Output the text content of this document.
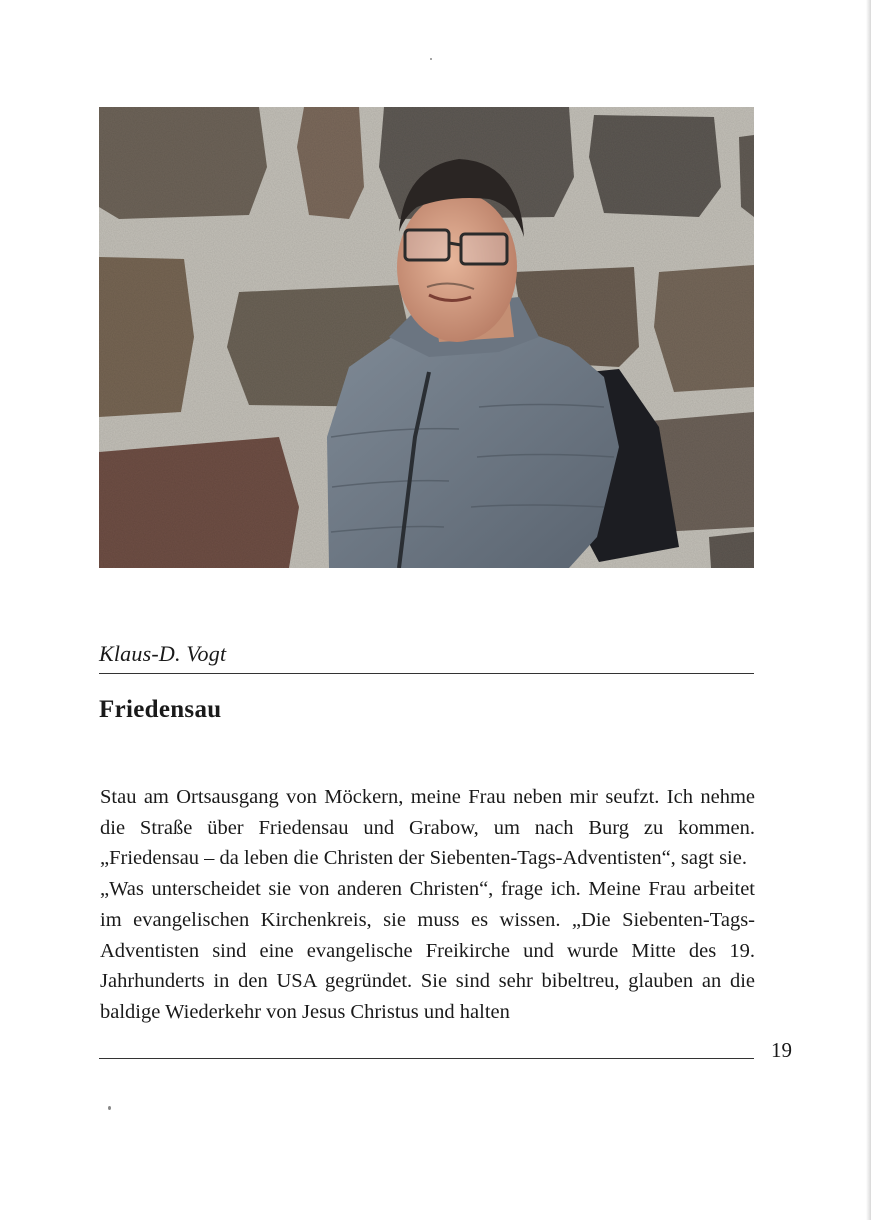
Klaus-D. Vogt
Friedensau

Stau am Ortsausgang von Möckern, meine Frau neben mir seufzt. Ich nehme die Straße über Friedensau und Grabow, um nach Burg zu kommen. „Friedensau – da leben die Christen der Siebenten-Tags-Adventisten“, sagt sie.

„Was unterscheidet sie von anderen Christen“, frage ich. Meine Frau arbeitet im evangelischen Kirchenkreis, sie muss es wissen. „Die Siebenten-Tags-Adventisten sind eine evangelische Freikirche und wurde Mitte des 19. Jahrhunderts in den USA gegründet. Sie sind sehr bibeltreu, glauben an die baldige Wiederkehr von Jesus Christus und halten

19
